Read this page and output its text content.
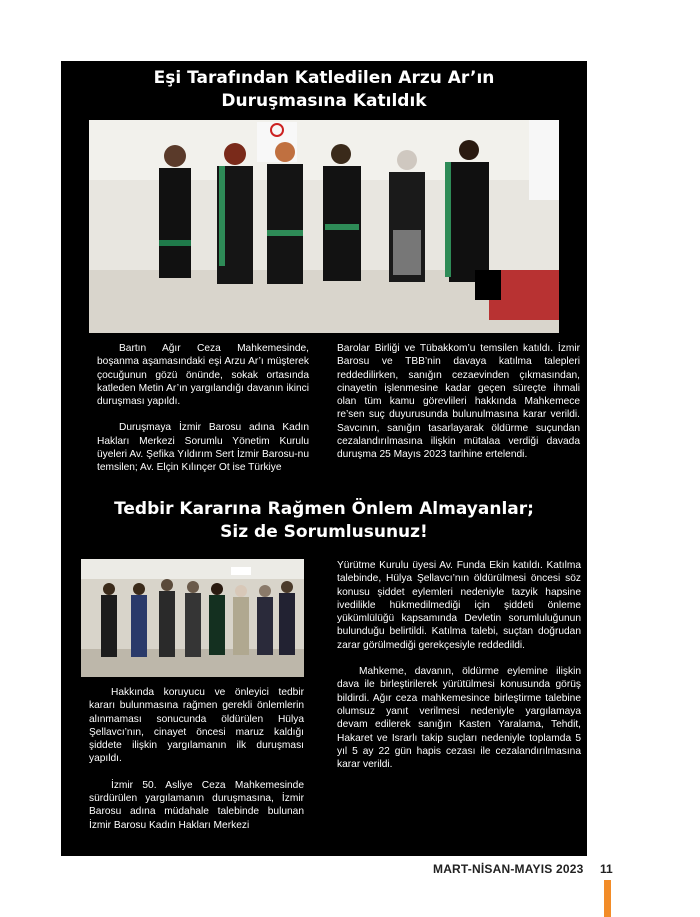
Eşi Tarafından Katledilen Arzu Ar’ın
Duruşmasına Katıldık

Bartın Ağır Ceza Mahkemesinde, boşanma aşamasındaki eşi Arzu Ar’ı müşterek çocuğunun gözü önünde, sokak ortasında katleden Metin Ar’ın yargılandığı davanın ikinci duruşması yapıldı.

Duruşmaya İzmir Barosu adına Kadın Hakları Merkezi Sorumlu Yönetim Kurulu üyeleri Av. Şefika Yıldırım Sert İzmir Barosu-nu temsilen; Av. Elçin Kılınçer Ot ise Türkiye

Barolar Birliği ve Tübakkom’u temsilen katıldı. İzmir Barosu ve TBB’nin davaya katılma talepleri reddedilirken, sanığın cezaevinden çıkmasından, cinayetin işlenmesine kadar geçen süreçte ihmali olan tüm kamu görevlileri hakkında Mahkemece re’sen suç duyurusunda bulunulmasına karar verildi. Savcının, sanığın tasarlayarak öldürme suçundan cezalandırılmasına ilişkin mütalaa verdiği davada duruşma 25 Mayıs 2023 tarihine ertelendi.

Tedbir Kararına Rağmen Önlem Almayanlar;
Siz de Sorumlusunuz!

Hakkında koruyucu ve önleyici tedbir kararı bulunmasına rağmen gerekli önlemlerin alınmaması sonucunda öldürülen Hülya Şellavcı’nın, cinayet öncesi maruz kaldığı şiddete ilişkin yargılamanın ilk duruşması yapıldı.

İzmir 50. Asliye Ceza Mahkemesinde sürdürülen yargılamanın duruşmasına, İzmir Barosu adına müdahale talebinde bulunan İzmir Barosu Kadın Hakları Merkezi

Yürütme Kurulu üyesi Av. Funda Ekin katıldı. Katılma talebinde, Hülya Şellavcı’nın öldürülmesi öncesi söz konusu şiddet eylemleri nedeniyle tazyik hapsine ivedilikle hükmedilmediği için şiddeti önleme yükümlülüğü kapsamında Devletin sorumluluğunun bulunduğu belirtildi. Katılma talebi, suçtan doğrudan zarar görülmediği gerekçesiyle reddedildi.

Mahkeme, davanın, öldürme eylemine ilişkin dava ile birleştirilerek yürütülmesi konusunda görüş bildirdi. Ağır ceza mahkemesince birleştirme talebine olumsuz yanıt verilmesi nedeniyle yargılamaya devam edilerek sanığın Kasten Yaralama, Tehdit, Hakaret ve Israrlı takip suçları nedeniyle toplamda 5 yıl 5 ay 22 gün hapis cezası ile cezalandırılmasına karar verildi.

MART-NİSAN-MAYIS 2023 11
